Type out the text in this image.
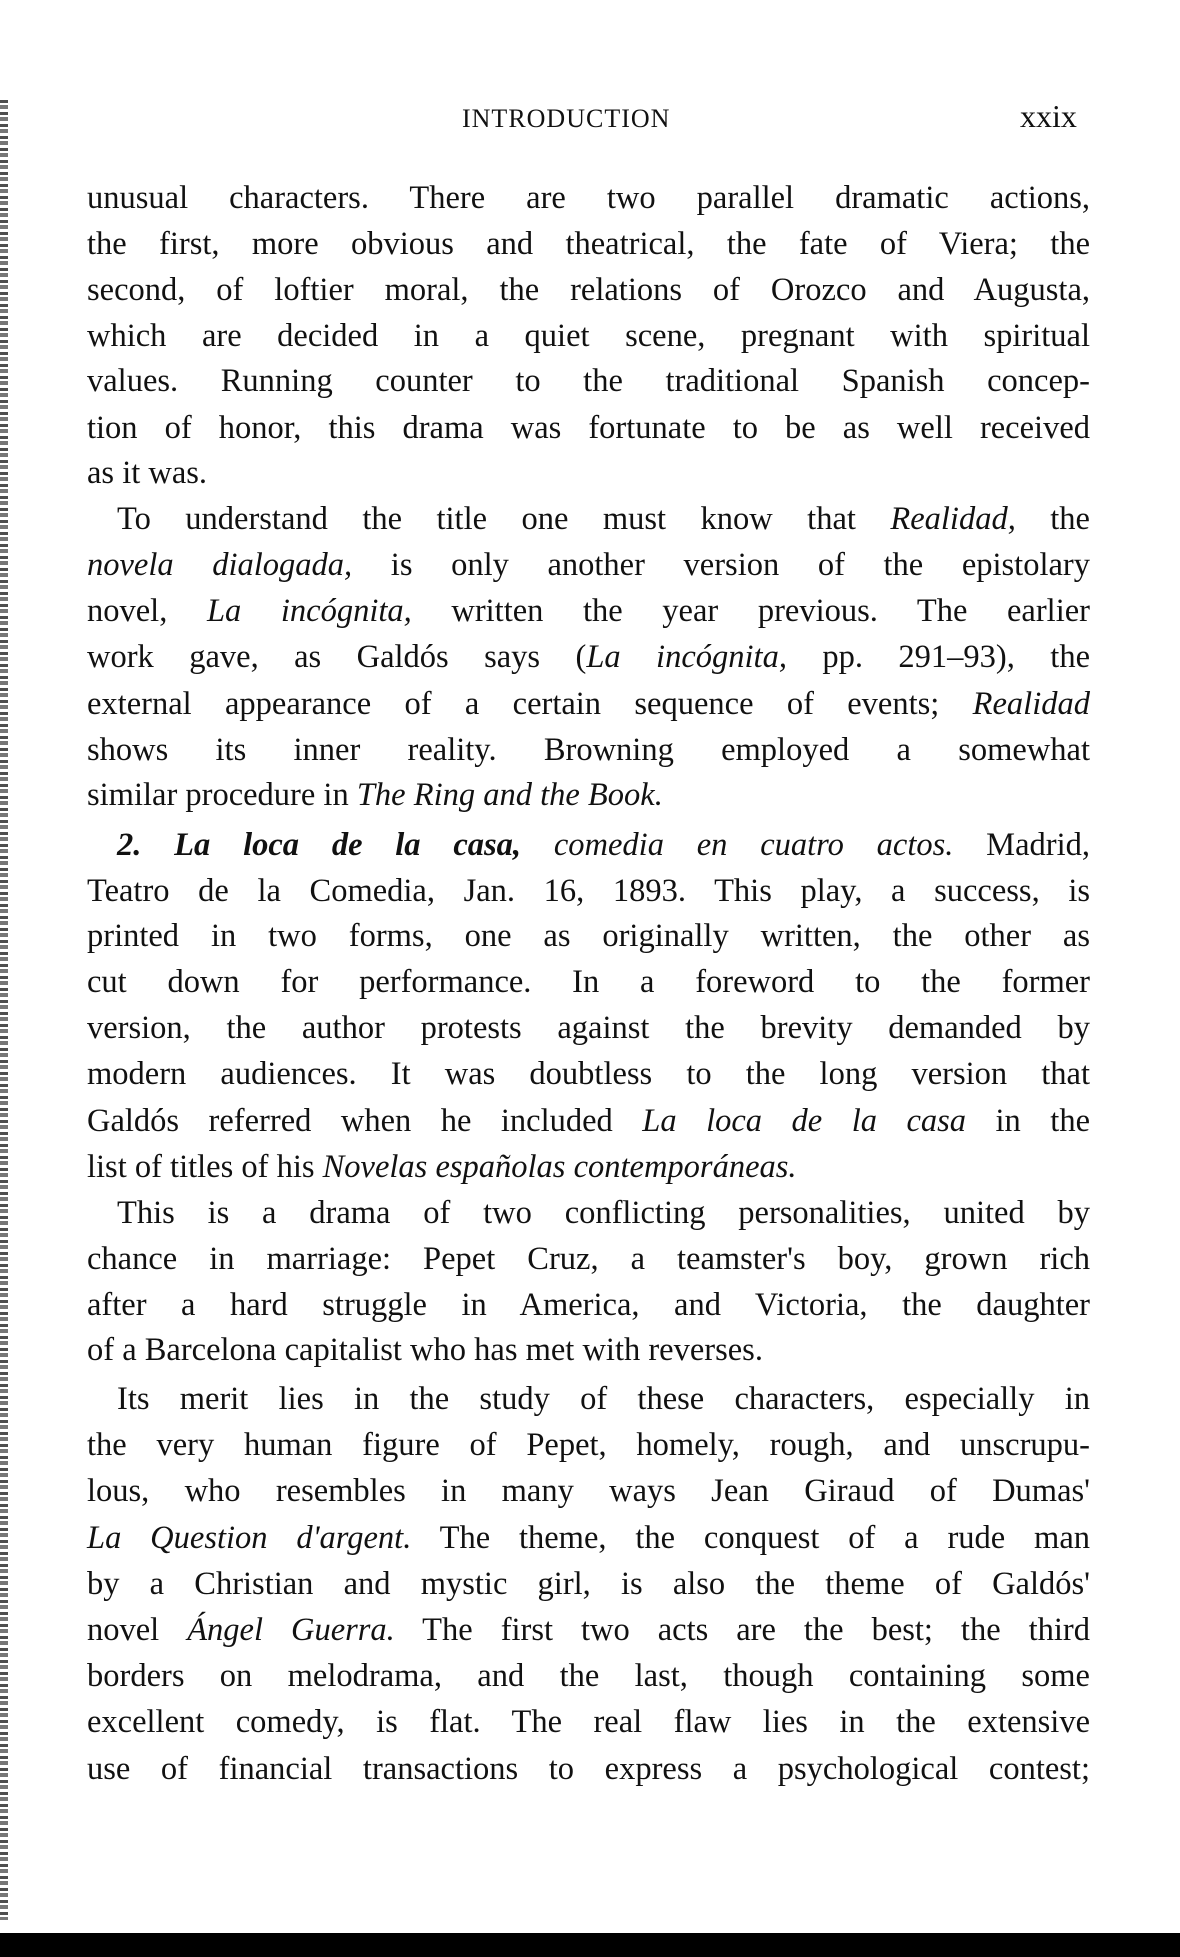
INTRODUCTION	xxix
unusual characters. There are two parallel dramatic actions,
the first, more obvious and theatrical, the fate of Viera; the
second, of loftier moral, the relations of Orozco and Augusta,
which are decided in a quiet scene, pregnant with spiritual
values. Running counter to the traditional Spanish concep-
tion of honor, this drama was fortunate to be as well received
as it was.
To understand the title one must know that Realidad, the
novela dialogada, is only another version of the epistolary
novel, La incógnita, written the year previous. The earlier
work gave, as Galdós says (La incógnita, pp. 291–93), the
external appearance of a certain sequence of events; Realidad
shows its inner reality. Browning employed a somewhat
similar procedure in The Ring and the Book.
2. La loca de la casa, comedia en cuatro actos. Madrid,
Teatro de la Comedia, Jan. 16, 1893. This play, a success, is
printed in two forms, one as originally written, the other as
cut down for performance. In a foreword to the former
version, the author protests against the brevity demanded by
modern audiences. It was doubtless to the long version that
Galdós referred when he included La loca de la casa in the
list of titles of his Novelas españolas contemporáneas.
This is a drama of two conflicting personalities, united by
chance in marriage: Pepet Cruz, a teamster's boy, grown rich
after a hard struggle in America, and Victoria, the daughter
of a Barcelona capitalist who has met with reverses.
Its merit lies in the study of these characters, especially in
the very human figure of Pepet, homely, rough, and unscrupu-
lous, who resembles in many ways Jean Giraud of Dumas'
La Question d'argent. The theme, the conquest of a rude man
by a Christian and mystic girl, is also the theme of Galdós'
novel Ángel Guerra. The first two acts are the best; the third
borders on melodrama, and the last, though containing some
excellent comedy, is flat. The real flaw lies in the extensive
use of financial transactions to express a psychological contest;
